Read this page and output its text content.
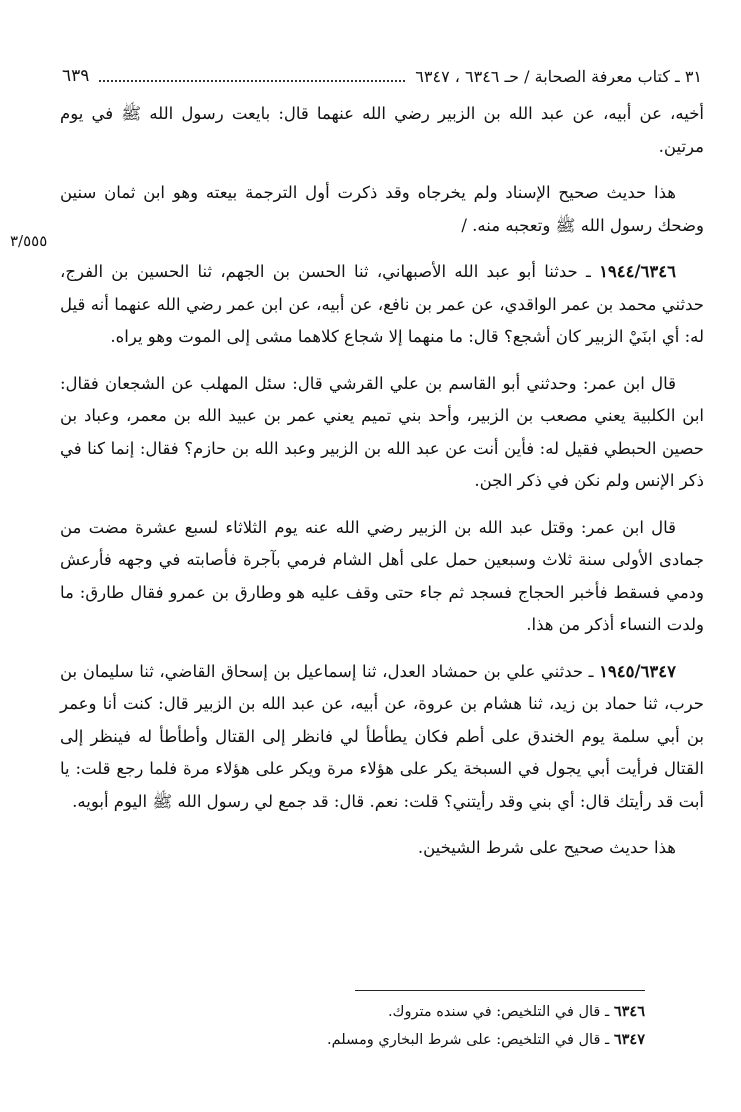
٣١ ـ كتاب معرفة الصحابة / حـ ٦٣٤٦ ، ٦٣٤٧
٦٣٩
٣/٥٥٥

أخيه، عن أبيه، عن عبد الله بن الزبير رضي الله عنهما قال: بايعت رسول الله ﷺ في يوم مرتين.

هذا حديث صحيح الإسناد ولم يخرجاه وقد ذكرت أول الترجمة بيعته وهو ابن ثمان سنين وضحك رسول الله ﷺ وتعجبه منه. /

١٩٤٤/٦٣٤٦ ـ حدثنا أبو عبد الله الأصبهاني، ثنا الحسن بن الجهم، ثنا الحسين بن الفرج، حدثني محمد بن عمر الواقدي، عن عمر بن نافع، عن أبيه، عن ابن عمر رضي الله عنهما أنه قيل له: أي ابنَيْ الزبير كان أشجع؟ قال: ما منهما إلا شجاع كلاهما مشى إلى الموت وهو يراه.

قال ابن عمر: وحدثني أبو القاسم بن علي القرشي قال: سئل المهلب عن الشجعان فقال: ابن الكلبية يعني مصعب بن الزبير، وأحد بني تميم يعني عمر بن عبيد الله بن معمر، وعباد بن حصين الحبطي فقيل له: فأين أنت عن عبد الله بن الزبير وعبد الله بن حازم؟ فقال: إنما كنا في ذكر الإنس ولم نكن في ذكر الجن.

قال ابن عمر: وقتل عبد الله بن الزبير رضي الله عنه يوم الثلاثاء لسبع عشرة مضت من جمادى الأولى سنة ثلاث وسبعين حمل على أهل الشام فرمي بآجرة فأصابته في وجهه فأرعش ودمي فسقط فأخبر الحجاج فسجد ثم جاء حتى وقف عليه هو وطارق بن عمرو فقال طارق: ما ولدت النساء أذكر من هذا.

١٩٤٥/٦٣٤٧ ـ حدثني علي بن حمشاد العدل، ثنا إسماعيل بن إسحاق القاضي، ثنا سليمان بن حرب، ثنا حماد بن زيد، ثنا هشام بن عروة، عن أبيه، عن عبد الله بن الزبير قال: كنت أنا وعمر بن أبي سلمة يوم الخندق على أطم فكان يطأطأ لي فانظر إلى القتال وأطأطأ له فينظر إلى القتال فرأيت أبي يجول في السبخة يكر على هؤلاء مرة ويكر على هؤلاء مرة فلما رجع قلت: يا أبت قد رأيتك قال: أي بني وقد رأيتني؟ قلت: نعم. قال: قد جمع لي رسول الله ﷺ اليوم أبويه.

هذا حديث صحيح على شرط الشيخين.

٦٣٤٦ ـ قال في التلخيص: في سنده متروك.

٦٣٤٧ ـ قال في التلخيص: على شرط البخاري ومسلم.
